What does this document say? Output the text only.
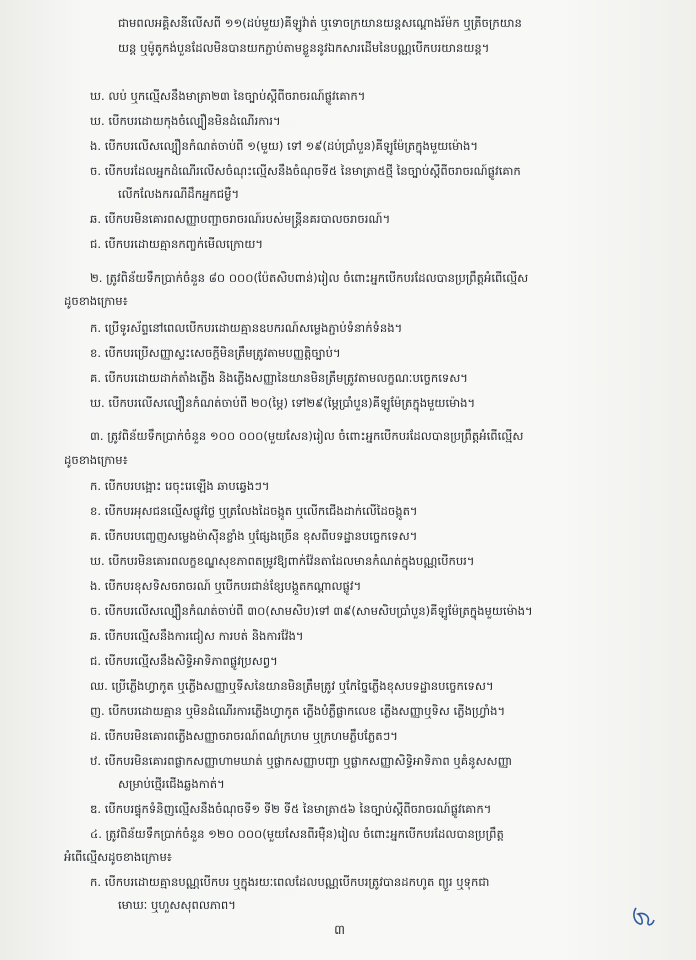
ជាមពលអគ្គិសនីលើសពី ១១(ដប់មួយ)គីឡូវ៉ាត់ ឬទោចក្រយានយន្តសណ្តោងរ័ម៉ក ឬត្រីចក្រយាន
យន្ត ឬម៉ូតូកង់បួនដែលមិនបានយកភ្ជាប់តាមខ្លួននូវឯកសារដើមនៃបណ្ណបើកបរយានយន្ត។
ឃ. លប់ ឬកល្មើសនឹងមាត្រា២៣ នៃច្បាប់ស្តីពីចរាចរណ៍ផ្លូវគោក។
ឃ. បើកបរដោយកុងចំល្បឿនមិនដំណើរការ។
ង. បើកបរលើសល្បឿនកំណត់ចាប់ពី ១(មួយ) ទៅ ១៩(ដប់ប្រាំបួន)គីឡូម៉ែត្រក្នុងមួយម៉ោង។
ច. បើកបរដែលអ្នកដំណើរលើសចំណុះល្មើសនឹងចំណុចទី៥ នៃមាត្រា៥ថ្មី នៃច្បាប់ស្តីពីចរាចរណ៍ផ្លូវគោក
លើកលែងករណីដឹកអ្នកជម្ងឺ។
ឆ. បើកបរមិនគោរពសញ្ញាបញ្ជាចរាចរណ៍របស់មន្ត្រីនគរបាលចរាចរណ៍។
ជ. បើកបរដោយគ្មានកញ្ចក់មើលក្រោយ។
២. ត្រូវពិន័យទឹកប្រាក់ចំនួន ៨០ ០០០(ប៉ែតសិបពាន់)រៀល ចំពោះអ្នកបើកបរដែលបានប្រព្រឹត្តអំពើល្មើស
ដូចខាងក្រោម៖
ក. ប្រើទូរស័ព្ទនៅពេលបើកបរដោយគ្មានឧបករណ៍សម្លេងភ្ជាប់ទំនាក់ទំនង។
ខ. បើកបរប្រើសញ្ញាស្ទះសេចក្តីមិនត្រឹមត្រូវតាមបញ្ញត្តិច្បាប់។
គ. បើកបរដោយដាក់តាំងភ្លើង និងភ្លើងសញ្ញានៃយានមិនត្រឹមត្រូវតាមលក្ខណៈបច្ចេកទេស។
ឃ. បើកបរលើសល្បឿនកំណត់ចាប់ពី ២០(ម្ភៃ) ទៅ២៩(ម្ភៃប្រាំបួន)គីឡូម៉ែត្រក្នុងមួយម៉ោង។
៣. ត្រូវពិន័យទឹកប្រាក់ចំនួន ១០០ ០០០(មួយសែន)រៀល ចំពោះអ្នកបើកបរដែលបានប្រព្រឹត្តអំពើល្មើស
ដូចខាងក្រោម៖
ក. បើកបរបង្អោះ រេចុះរេឡើង ឆាបឆ្វេងៗ។
ខ. បើកបរអុសជនល្មើសផ្លូវថ្លៃ ឬត្រលែងដៃចង្កូត ឬលើកជើងដាក់លើដៃចង្កូត។
គ. បើកបរបញ្ចេញសម្លេងម៉ាស៊ីនខ្លាំង ឬផ្សែងច្រើន ខុសពីបទដ្ឋានបច្ចេកទេស។
ឃ. បើកបរមិនគោរពលក្ខខណ្ឌសុខភាពតម្រូវឱ្យពាក់វ៉ែនតាដែលមានកំណត់ក្នុងបណ្ណបើកបរ។
ង. បើកបរខុសទិសចរាចរណ៍ ឬបើកបរជាន់ខ្សែបង្កួតកណ្តាលផ្លូវ។
ច. បើកបរលើសល្បឿនកំណត់ចាប់ពី ៣០(សាមសិប)ទៅ ៣៩(សាមសិបប្រាំបួន)គីឡូម៉ែត្រក្នុងមួយម៉ោង។
ឆ. បើកបរល្មើសនឹងការជៀស ការបត់ និងការវ៉ែង។
ជ. បើកបរល្មើសនឹងសិទ្ធិអាទិភាពផ្លូវប្រសព្វ។
ឈ. ប្រើភ្លើងហ្វាកូត ឬភ្លើងសញ្ញាឬទីសនៃយានមិនត្រឹមត្រូវ ឬកែច្នៃភ្លើងខុសបទដ្ឋានបច្ចេកទេស។
ញ. បើកបរដោយគ្មាន ឬមិនដំណើរការភ្លើងហ្វាកូត ភ្លើងបំភ្លឺផ្លាកលេខ ភ្លើងសញ្ញាឬទិស ភ្លើងហ្វ្រាំង។
ដ. បើកបរមិនគោរពភ្លើងសញ្ញាចរាចរណ៍ពណ៌ក្រហម ឬក្រហមភ្លឹបភ្លែតៗ។
ឋ. បើកបរមិនគោរពផ្លាកសញ្ញាហាមឃាត់ ឬផ្លាកសញ្ញាបញ្ជា ឬផ្លាកសញ្ញាសិទ្ធិអាទិភាព ឬគំនូសសញ្ញា
សម្រាប់ថ្មើរជើងឆ្លងកាត់។
ឌ. បើកបរផ្ទុកទំនិញល្មើសនឹងចំណុចទី១ ទី២ ទី៥ នៃមាត្រា៥៦ នៃច្បាប់ស្តីពីចរាចរណ៍ផ្លូវគោក។
៤. ត្រូវពិន័យទឹកប្រាក់ចំនួន ១២០ ០០០(មួយសែនពីរម៉ឺន)រៀល ចំពោះអ្នកបើកបរដែលបានប្រព្រឹត្ត
អំពើល្មើសដូចខាងក្រោម៖
ក. បើកបរដោយគ្មានបណ្ណបើកបរ ឬក្នុងរយៈពេលដែលបណ្ណបើកបរត្រូវបានដកហូត ព្យួរ ឬទុកជា
មោឃៈ ឬហួសសុពលភាព។
៣
